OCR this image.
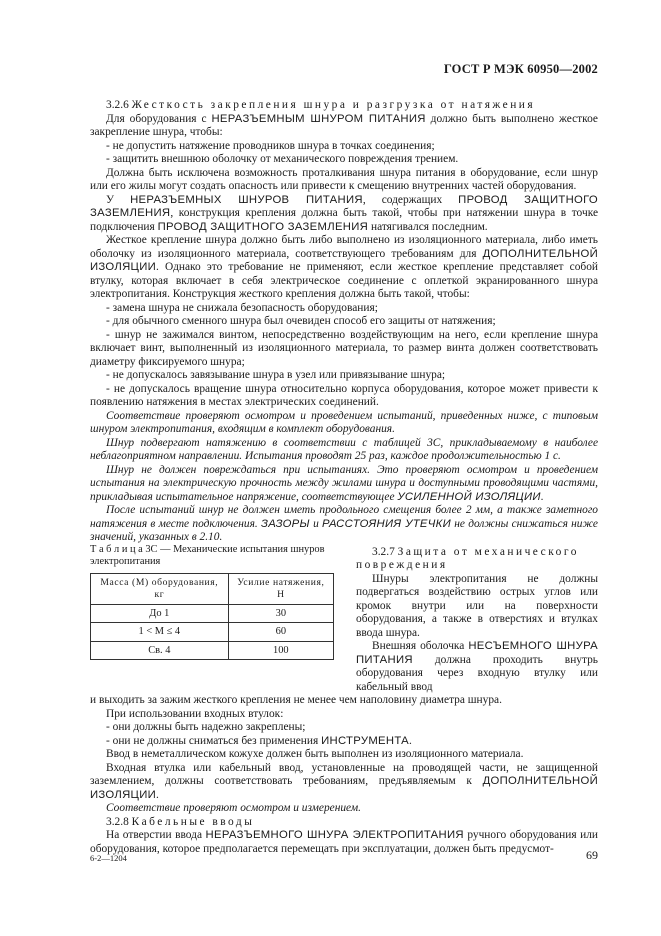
ГОСТ Р МЭК 60950—2002

3.2.6 Жесткость закрепления шнура и разгрузка от натяжения

Для оборудования с НЕРАЗЪЕМНЫМ ШНУРОМ ПИТАНИЯ должно быть выполнено жесткое закрепление шнура, чтобы:

- не допустить натяжение проводников шнура в точках соединения;

- защитить внешнюю оболочку от механического повреждения трением.

Должна быть исключена возможность проталкивания шнура питания в оборудование, если шнур или его жилы могут создать опасность или привести к смещению внутренних частей оборудования.

У НЕРАЗЪЕМНЫХ ШНУРОВ ПИТАНИЯ, содержащих ПРОВОД ЗАЩИТНОГО ЗАЗЕМЛЕНИЯ, конструкция крепления должна быть такой, чтобы при натяжении шнура в точке подключения ПРОВОД ЗАЩИТНОГО ЗАЗЕМЛЕНИЯ натягивался последним.

Жесткое крепление шнура должно быть либо выполнено из изоляционного материала, либо иметь оболочку из изоляционного материала, соответствующего требованиям для ДОПОЛНИТЕЛЬНОЙ ИЗОЛЯЦИИ. Однако это требование не применяют, если жесткое крепление представляет собой втулку, которая включает в себя электрическое соединение с оплеткой экранированного шнура электропитания. Конструкция жесткого крепления должна быть такой, чтобы:

- замена шнура не снижала безопасность оборудования;

- для обычного сменного шнура был очевиден способ его защиты от натяжения;

- шнур не зажимался винтом, непосредственно воздействующим на него, если крепление шнура включает винт, выполненный из изоляционного материала, то размер винта должен соответствовать диаметру фиксируемого шнура;

- не допускалось завязывание шнура в узел или привязывание шнура;

- не допускалось вращение шнура относительно корпуса оборудования, которое может привести к появлению натяжения в местах электрических соединений.

Соответствие проверяют осмотром и проведением испытаний, приведенных ниже, с типовым шнуром электропитания, входящим в комплект оборудования.

Шнур подвергают натяжению в соответствии с таблицей 3С, прикладываемому в наиболее неблагоприятном направлении. Испытания проводят 25 раз, каждое продолжительностью 1 с.

Шнур не должен повреждаться при испытаниях. Это проверяют осмотром и проведением испытания на электрическую прочность между жилами шнура и доступными проводящими частями, прикладывая испытательное напряжение, соответствующее УСИЛЕННОЙ ИЗОЛЯЦИИ.

После испытаний шнур не должен иметь продольного смещения более 2 мм, а также заметного натяжения в месте подключения. ЗАЗОРЫ и РАССТОЯНИЯ УТЕЧКИ не должны снижаться ниже значений, указанных в 2.10.

Т а б л и ц а 3С — Механические испытания шнуров электропитания

Масса (M) оборудования, кг	Усилие натяжения, Н
До 1	30
1 < M ≤ 4	60
Св. 4	100

3.2.7 Защита от механического повреждения

Шнуры электропитания не должны подвергаться воздействию острых углов или кромок внутри или на поверхности оборудования, а также в отверстиях и втулках ввода шнура.

Внешняя оболочка НЕСЪЕМНОГО ШНУРА ПИТАНИЯ должна проходить внутрь оборудования через входную втулку или кабельный ввод

и выходить за зажим жесткого крепления не менее чем наполовину диаметра шнура.

При использовании входных втулок:

- они должны быть надежно закреплены;

- они не должны сниматься без применения ИНСТРУМЕНТА.

Ввод в неметаллическом кожухе должен быть выполнен из изоляционного материала.

Входная втулка или кабельный ввод, установленные на проводящей части, не защищенной заземлением, должны соответствовать требованиям, предъявляемым к ДОПОЛНИТЕЛЬНОЙ ИЗОЛЯЦИИ.

Соответствие проверяют осмотром и измерением.

3.2.8 Кабельные вводы

На отверстии ввода НЕРАЗЪЕМНОГО ШНУРА ЭЛЕКТРОПИТАНИЯ ручного оборудования или оборудования, которое предполагается перемещать при эксплуатации, должен быть предусмот-

6-2—1204	69
